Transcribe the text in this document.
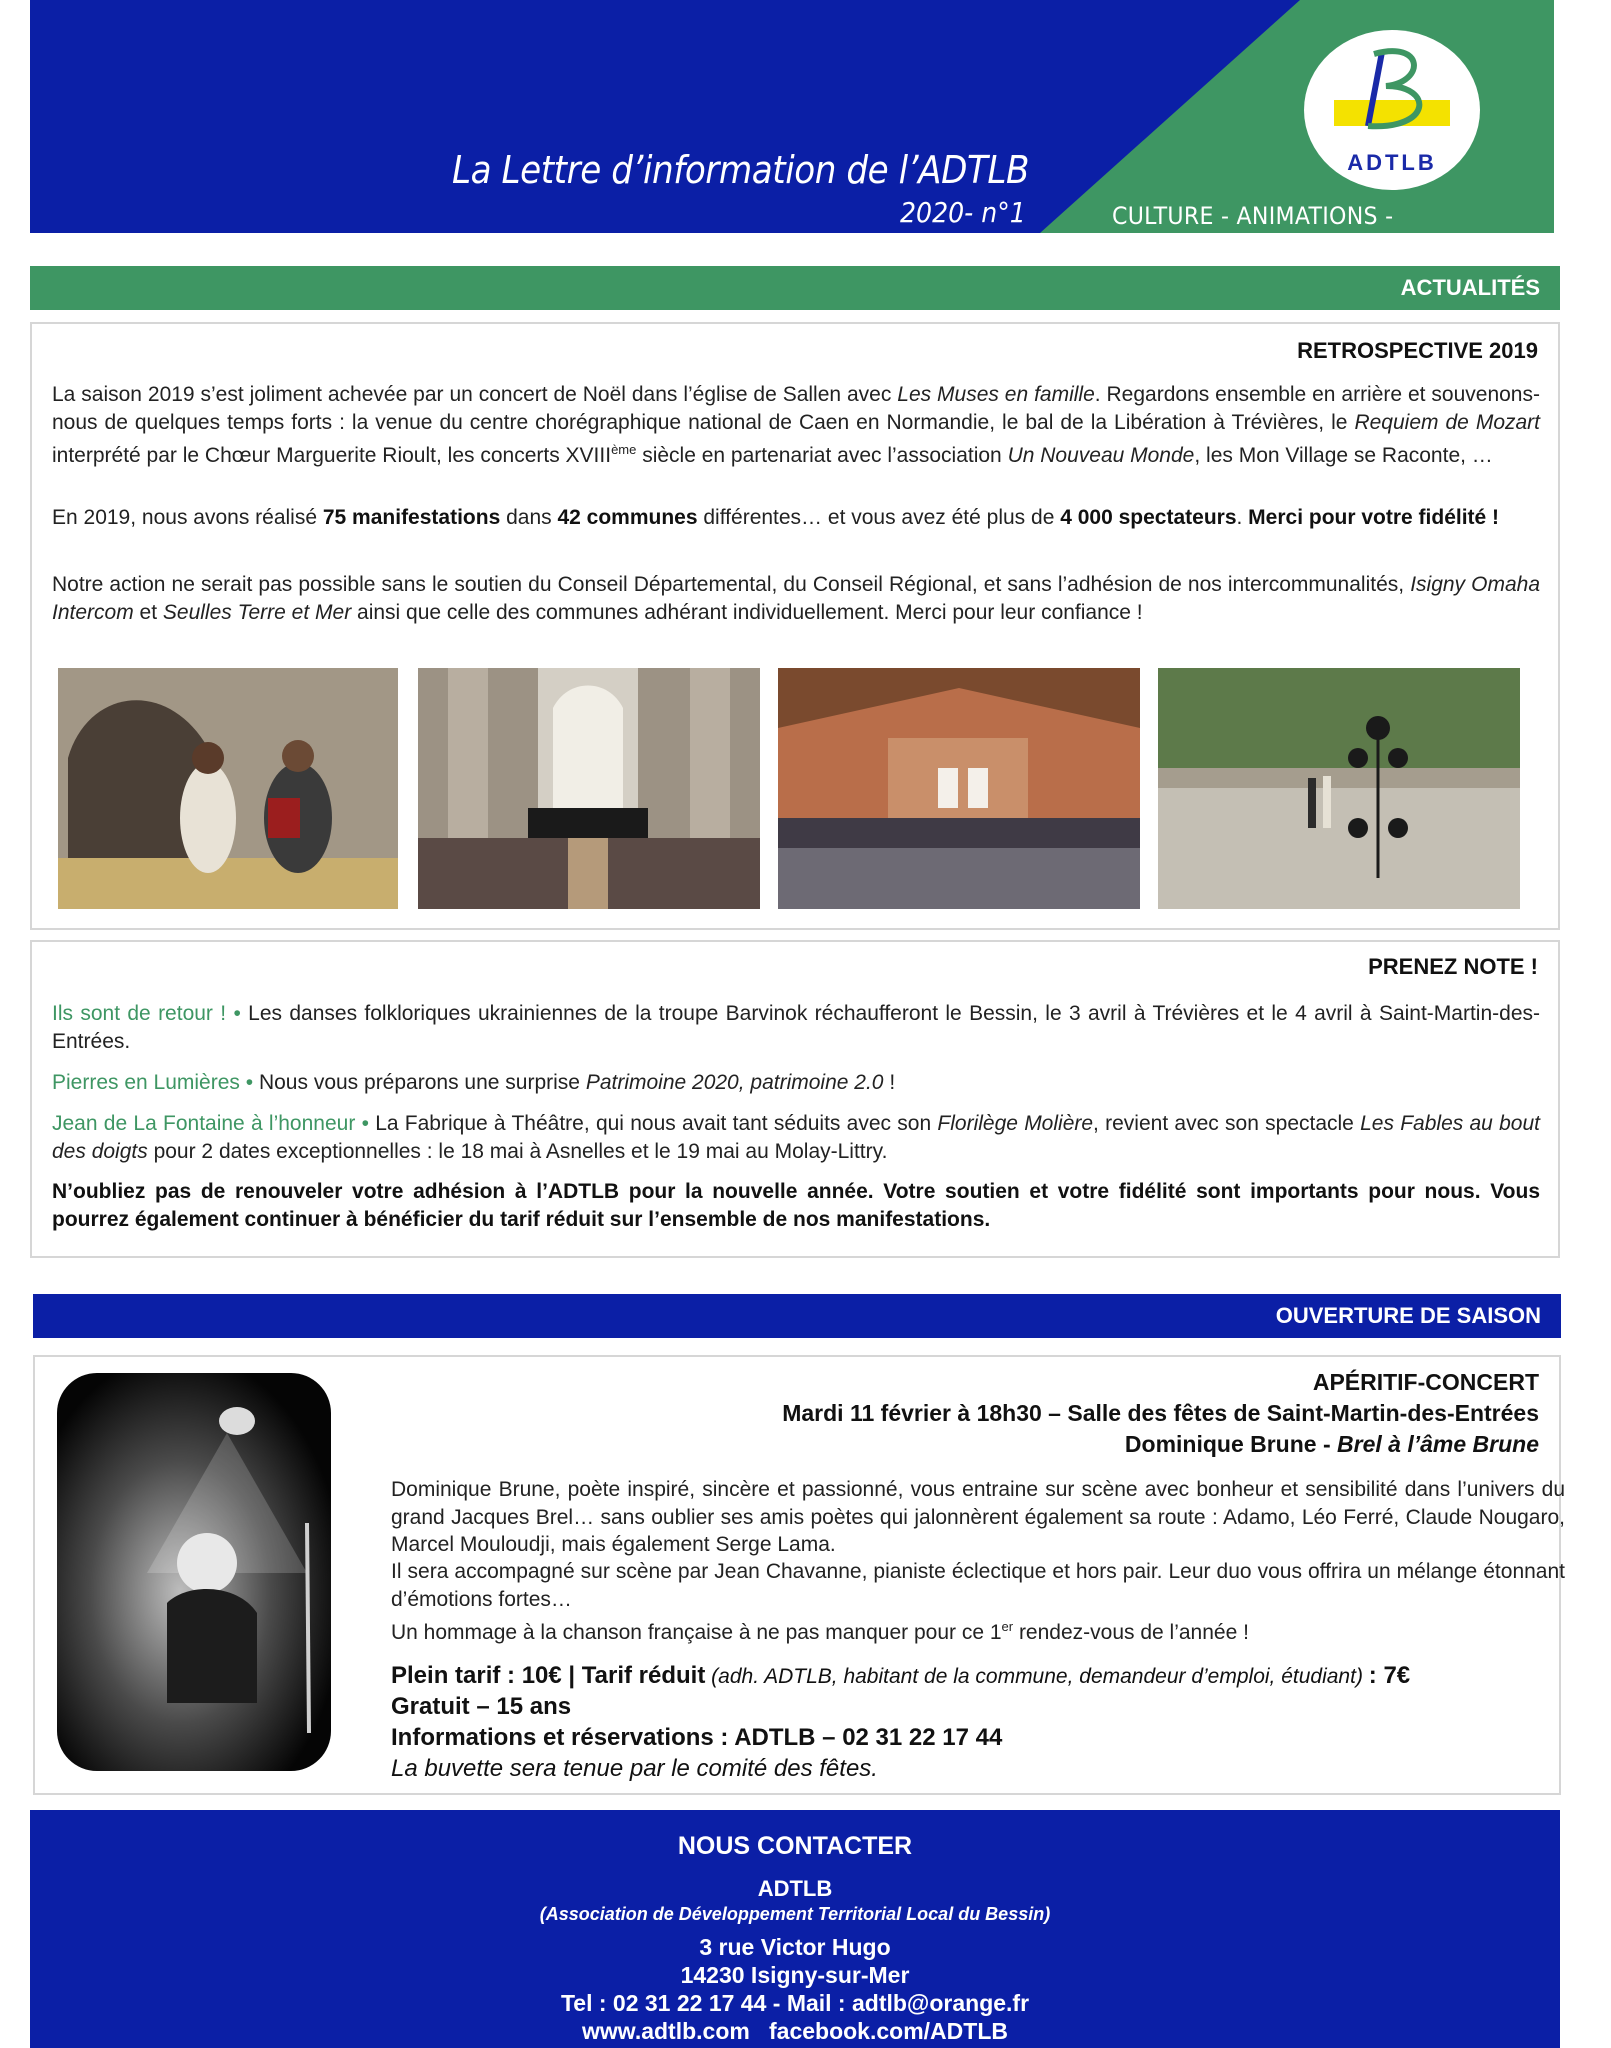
La Lettre d’information de l’ADTLB
2020- n°1	CULTURE - ANIMATIONS - PATRIMOINE
ADTLB
ACTUALITÉS
RETROSPECTIVE 2019
La saison 2019 s’est joliment achevée par un concert de Noël dans l’église de Sallen avec Les Muses en famille. Regardons ensemble en arrière et souvenons-nous de quelques temps forts : la venue du centre chorégraphique national de Caen en Normandie, le bal de la Libération à Trévières, le Requiem de Mozart interprété par le Chœur Marguerite Rioult, les concerts XVIIIème siècle en partenariat avec l’association Un Nouveau Monde, les Mon Village se Raconte, …
En 2019, nous avons réalisé 75 manifestations dans 42 communes différentes… et vous avez été plus de 4 000 spectateurs. Merci pour votre fidélité !
Notre action ne serait pas possible sans le soutien du Conseil Départemental, du Conseil Régional, et sans l’adhésion de nos intercommunalités, Isigny Omaha Intercom et Seulles Terre et Mer ainsi que celle des communes adhérant individuellement. Merci pour leur confiance !
PRENEZ NOTE !
Ils sont de retour ! • Les danses folkloriques ukrainiennes de la troupe Barvinok réchaufferont le Bessin, le 3 avril à Trévières et le 4 avril à Saint-Martin-des-Entrées.
Pierres en Lumières • Nous vous préparons une surprise Patrimoine 2020, patrimoine 2.0 !
Jean de La Fontaine à l’honneur • La Fabrique à Théâtre, qui nous avait tant séduits avec son Florilège Molière, revient avec son spectacle Les Fables au bout des doigts pour 2 dates exceptionnelles : le 18 mai à Asnelles et le 19 mai au Molay-Littry.
N’oubliez pas de renouveler votre adhésion à l’ADTLB pour la nouvelle année. Votre soutien et votre fidélité sont importants pour nous. Vous pourrez également continuer à bénéficier du tarif réduit sur l’ensemble de nos manifestations.
OUVERTURE DE SAISON
APÉRITIF-CONCERT
Mardi 11 février à 18h30 – Salle des fêtes de Saint-Martin-des-Entrées
Dominique Brune - Brel à l’âme Brune
Dominique Brune, poète inspiré, sincère et passionné, vous entraine sur scène avec bonheur et sensibilité dans l’univers du grand Jacques Brel… sans oublier ses amis poètes qui jalonnèrent également sa route : Adamo, Léo Ferré, Claude Nougaro, Marcel Mouloudji, mais également Serge Lama.
Il sera accompagné sur scène par Jean Chavanne, pianiste éclectique et hors pair. Leur duo vous offrira un mélange étonnant d’émotions fortes…
Un hommage à la chanson française à ne pas manquer pour ce 1er rendez-vous de l’année !
Plein tarif : 10€ | Tarif réduit (adh. ADTLB, habitant de la commune, demandeur d’emploi, étudiant) : 7€
Gratuit – 15 ans
Informations et réservations : ADTLB – 02 31 22 17 44
La buvette sera tenue par le comité des fêtes.
NOUS CONTACTER
ADTLB
(Association de Développement Territorial Local du Bessin)
3 rue Victor Hugo
14230 Isigny-sur-Mer
Tel : 02 31 22 17 44 - Mail : adtlb@orange.fr
www.adtlb.com   facebook.com/ADTLB
